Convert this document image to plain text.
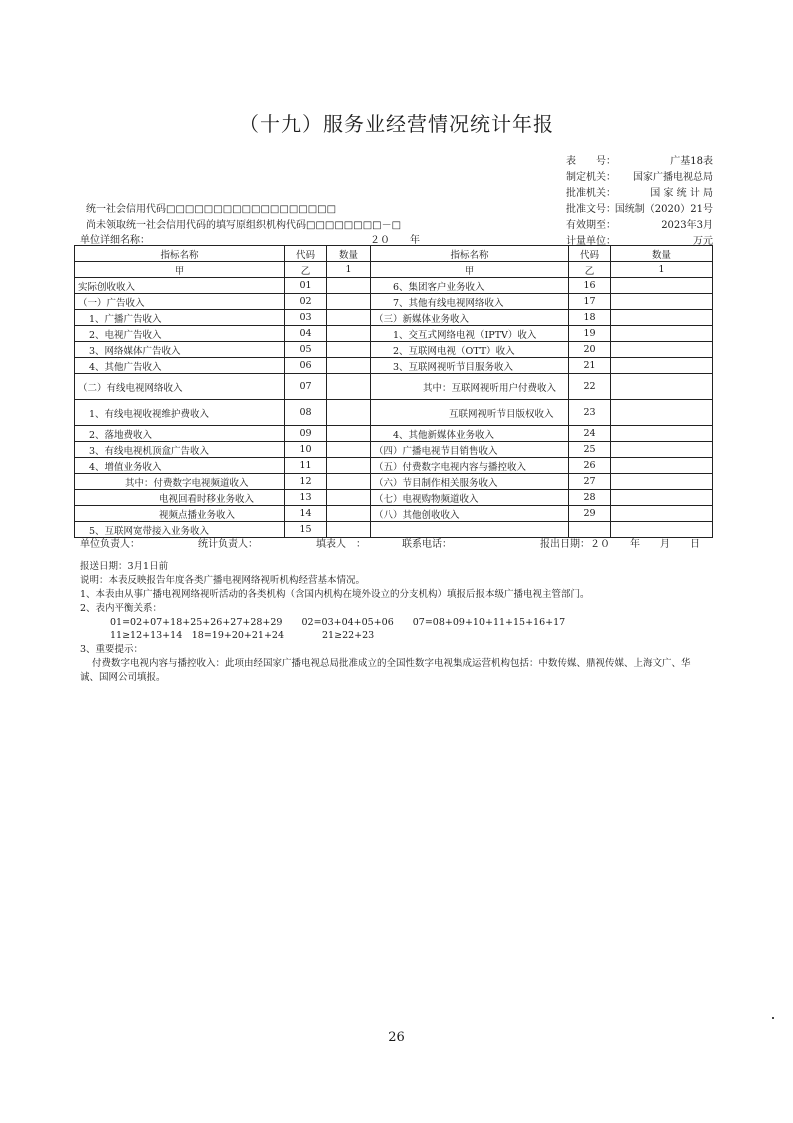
（十九）服务业经营情况统计年报
表　　号：	广基18表
制定机关：	国家广播电视总局
批准机关：	国 家 统 计 局
批准文号：
国统制（2020）21号
有效期至：	2023年3月
计量单位：	万元
统一社会信用代码□□□□□□□□□□□□□□□□□□
尚未领取统一社会信用代码的填写原组织机构代码□□□□□□□□－□
单位详细名称：	２０　　年
指标名称	代码	数量	指标名称	代码	数量
甲	乙	1	甲	乙	1
实际创收收入	01		6、集团客户业务收入	16	
（一）广告收入	02		7、其他有线电视网络收入	17	
1、广播广告收入	03		（三）新媒体业务收入	18	
2、电视广告收入	04		1、交互式网络电视（IPTV）收入	19	
3、网络媒体广告收入	05		2、互联网电视（OTT）收入	20	
4、其他广告收入	06		3、互联网视听节目服务收入	21	
（二）有线电视网络收入	07		其中：互联网视听用户付费收入	22	
1、有线电视收视维护费收入	08		互联网视听节目版权收入	23	
2、落地费收入	09		4、其他新媒体业务收入	24	
3、有线电视机顶盒广告收入	10		（四）广播电视节目销售收入	25	
4、增值业务收入	11		（五）付费数字电视内容与播控收入	26	
其中：付费数字电视频道收入	12		（六）节目制作相关服务收入	27	
电视回看时移业务收入	13		（七）电视购物频道收入	28	
视频点播业务收入	14		（八）其他创收收入	29	
5、互联网宽带接入业务收入	15				
单位负责人：	统计负责人：	填表人　：	联系电话：	报出日期：２０　　年　　月　　日
报送日期：3月1日前
说明：本表反映报告年度各类广播电视网络视听机构经营基本情况。
1、本表由从事广播电视网络视听活动的各类机构（含国内机构在境外设立的分支机构）填报后报本级广播电视主管部门。
2、表内平衡关系：
01=02+07+18+25+26+27+28+29　　02=03+04+05+06　　07=08+09+10+11+15+16+17
11≥12+13+14　18=19+20+21+24　　　　21≥22+23
3、重要提示：
付费数字电视内容与播控收入：此项由经国家广播电视总局批准成立的全国性数字电视集成运营机构包括：中数传媒、鼎视传媒、上海文广、华
诚、国网公司填报。
26
